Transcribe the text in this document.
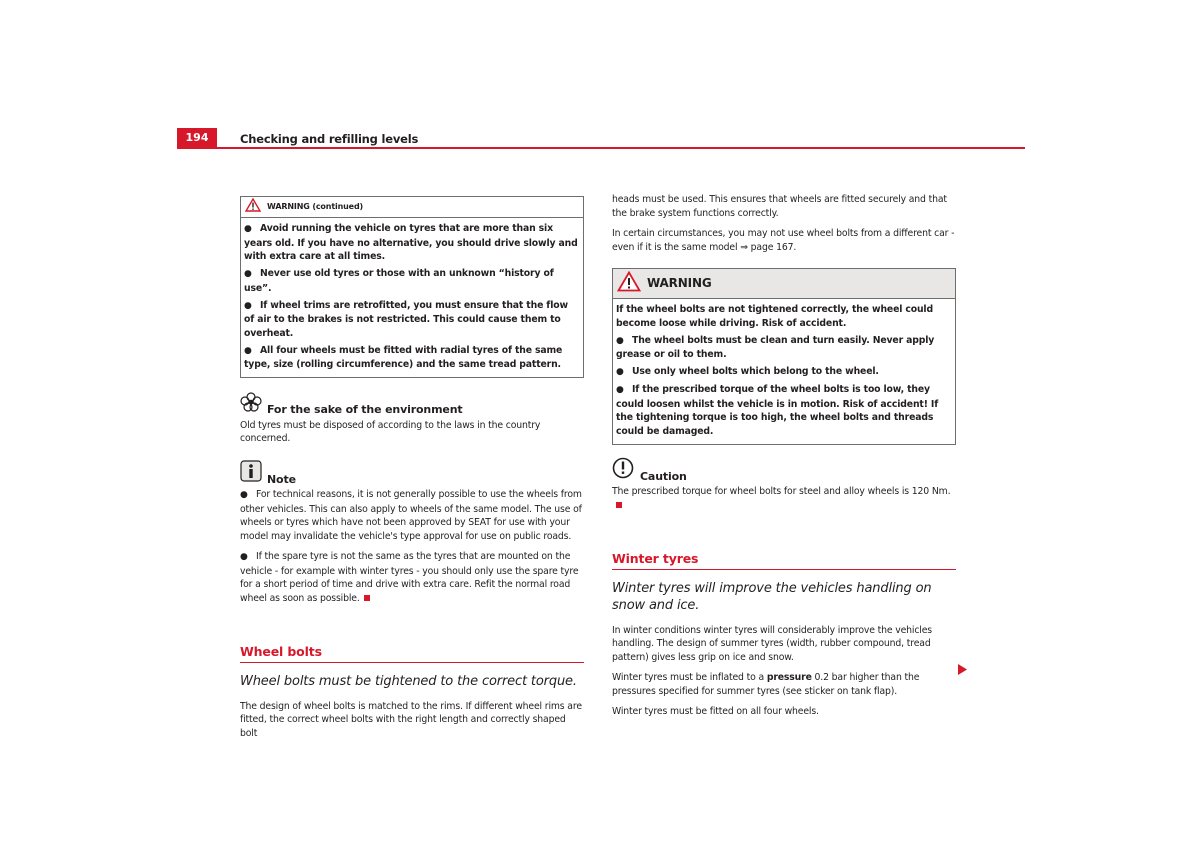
194	Checking and refilling levels
WARNING (continued)

● Avoid running the vehicle on tyres that are more than six years old. If you have no alternative, you should drive slowly and with extra care at all times.

● Never use old tyres or those with an unknown “history of use”.

● If wheel trims are retrofitted, you must ensure that the flow of air to the brakes is not restricted. This could cause them to overheat.

● All four wheels must be fitted with radial tyres of the same type, size (rolling circumference) and the same tread pattern.

For the sake of the environment

Old tyres must be disposed of according to the laws in the country concerned.

Note

● For technical reasons, it is not generally possible to use the wheels from other vehicles. This can also apply to wheels of the same model. The use of wheels or tyres which have not been approved by SEAT for use with your model may invalidate the vehicle's type approval for use on public roads.

● If the spare tyre is not the same as the tyres that are mounted on the vehicle - for example with winter tyres - you should only use the spare tyre for a short period of time and drive with extra care. Refit the normal road wheel as soon as possible.

Wheel bolts
Wheel bolts must be tightened to the correct torque.

The design of wheel bolts is matched to the rims. If different wheel rims are fitted, the correct wheel bolts with the right length and correctly shaped bolt

heads must be used. This ensures that wheels are fitted securely and that the brake system functions correctly.

In certain circumstances, you may not use wheel bolts from a different car - even if it is the same model ⇒ page 167.

WARNING

If the wheel bolts are not tightened correctly, the wheel could become loose while driving. Risk of accident.

● The wheel bolts must be clean and turn easily. Never apply grease or oil to them.

● Use only wheel bolts which belong to the wheel.

● If the prescribed torque of the wheel bolts is too low, they could loosen whilst the vehicle is in motion. Risk of accident! If the tightening torque is too high, the wheel bolts and threads could be damaged.

Caution

The prescribed torque for wheel bolts for steel and alloy wheels is 120 Nm.

Winter tyres
Winter tyres will improve the vehicles handling on snow and ice.

In winter conditions winter tyres will considerably improve the vehicles handling. The design of summer tyres (width, rubber compound, tread pattern) gives less grip on ice and snow.

Winter tyres must be inflated to a pressure 0.2 bar higher than the pressures specified for summer tyres (see sticker on tank flap).

Winter tyres must be fitted on all four wheels.
